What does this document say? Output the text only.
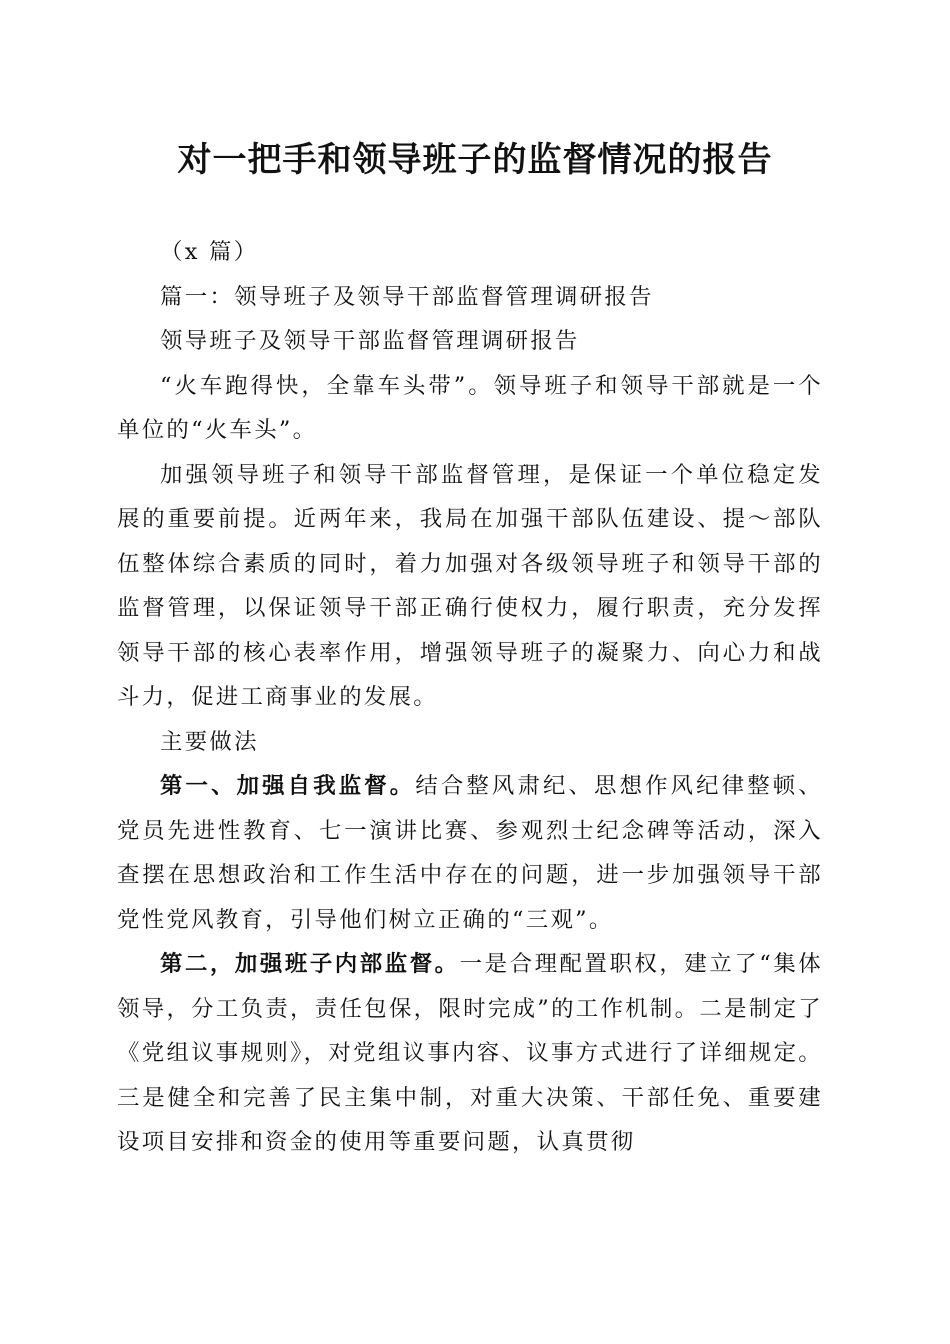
对一把手和领导班子的监督情况的报告

（x 篇）

篇一：领导班子及领导干部监督管理调研报告

领导班子及领导干部监督管理调研报告

“火车跑得快，全靠车头带”。领导班子和领导干部就是一个单位的“火车头”。

加强领导班子和领导干部监督管理，是保证一个单位稳定发展的重要前提。近两年来，我局在加强干部队伍建设、提～部队伍整体综合素质的同时，着力加强对各级领导班子和领导干部的监督管理，以保证领导干部正确行使权力，履行职责，充分发挥领导干部的核心表率作用，增强领导班子的凝聚力、向心力和战斗力，促进工商事业的发展。

主要做法

第一、加强自我监督。结合整风肃纪、思想作风纪律整顿、党员先进性教育、七一演讲比赛、参观烈士纪念碑等活动，深入查摆在思想政治和工作生活中存在的问题，进一步加强领导干部党性党风教育，引导他们树立正确的“三观”。

第二，加强班子内部监督。一是合理配置职权，建立了“集体领导，分工负责，责任包保，限时完成”的工作机制。二是制定了《党组议事规则》，对党组议事内容、议事方式进行了详细规定。三是健全和完善了民主集中制，对重大决策、干部任免、重要建设项目安排和资金的使用等重要问题，认真贯彻
